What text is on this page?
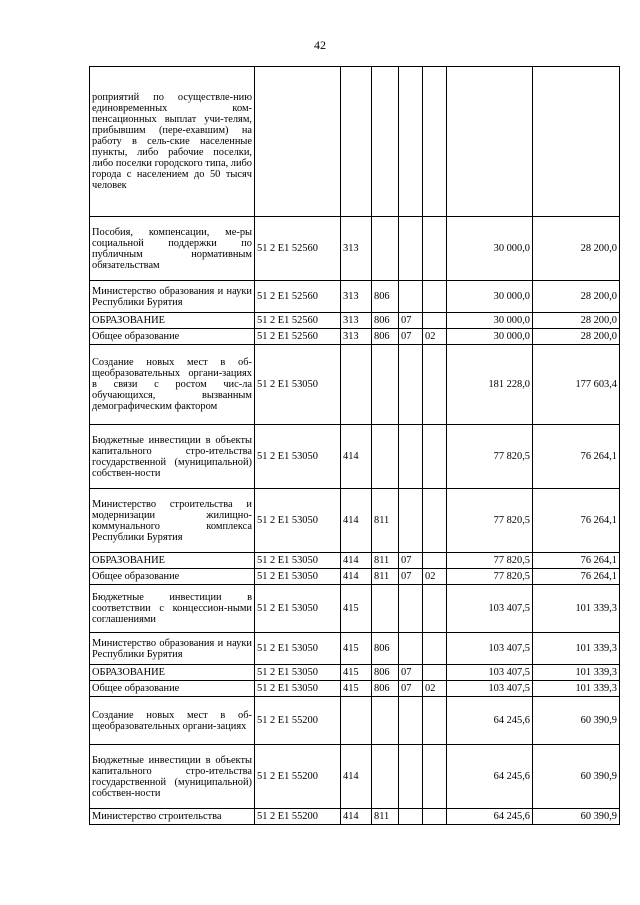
42
роприятий по осуществле-нию единовременных ком-пенсационных выплат учи-телям, прибывшим (пере-ехавшим) на работу в сель-ские населенные пункты, либо рабочие поселки, либо поселки городского типа, либо города с населением до 50 тысяч человек							
Пособия, компенсации, ме-ры социальной поддержки по публичным нормативным обязательствам	51 2 E1 52560	313				30 000,0	28 200,0
Министерство образования и науки Республики Бурятия	51 2 E1 52560	313	806			30 000,0	28 200,0
ОБРАЗОВАНИЕ	51 2 E1 52560	313	806	07		30 000,0	28 200,0
Общее образование	51 2 E1 52560	313	806	07	02	30 000,0	28 200,0
Создание новых мест в об-щеобразовательных органи-зациях в связи с ростом чис-ла обучающихся, вызванным демографическим фактором	51 2 E1 53050					181 228,0	177 603,4
Бюджетные инвестиции в объекты капитального стро-ительства государственной (муниципальной) собствен-ности	51 2 E1 53050	414				77 820,5	76 264,1
Министерство строительства и модернизации жилищно-коммунального комплекса Республики Бурятия	51 2 E1 53050	414	811			77 820,5	76 264,1
ОБРАЗОВАНИЕ	51 2 E1 53050	414	811	07		77 820,5	76 264,1
Общее образование	51 2 E1 53050	414	811	07	02	77 820,5	76 264,1
Бюджетные инвестиции в соответствии с концессион-ными соглашениями	51 2 E1 53050	415				103 407,5	101 339,3
Министерство образования и науки Республики Бурятия	51 2 E1 53050	415	806			103 407,5	101 339,3
ОБРАЗОВАНИЕ	51 2 E1 53050	415	806	07		103 407,5	101 339,3
Общее образование	51 2 E1 53050	415	806	07	02	103 407,5	101 339,3
Создание новых мест в об-щеобразовательных органи-зациях	51 2 E1 55200					64 245,6	60 390,9
Бюджетные инвестиции в объекты капитального стро-ительства государственной (муниципальной) собствен-ности	51 2 E1 55200	414				64 245,6	60 390,9
Министерство строительства	51 2 E1 55200	414	811			64 245,6	60 390,9
